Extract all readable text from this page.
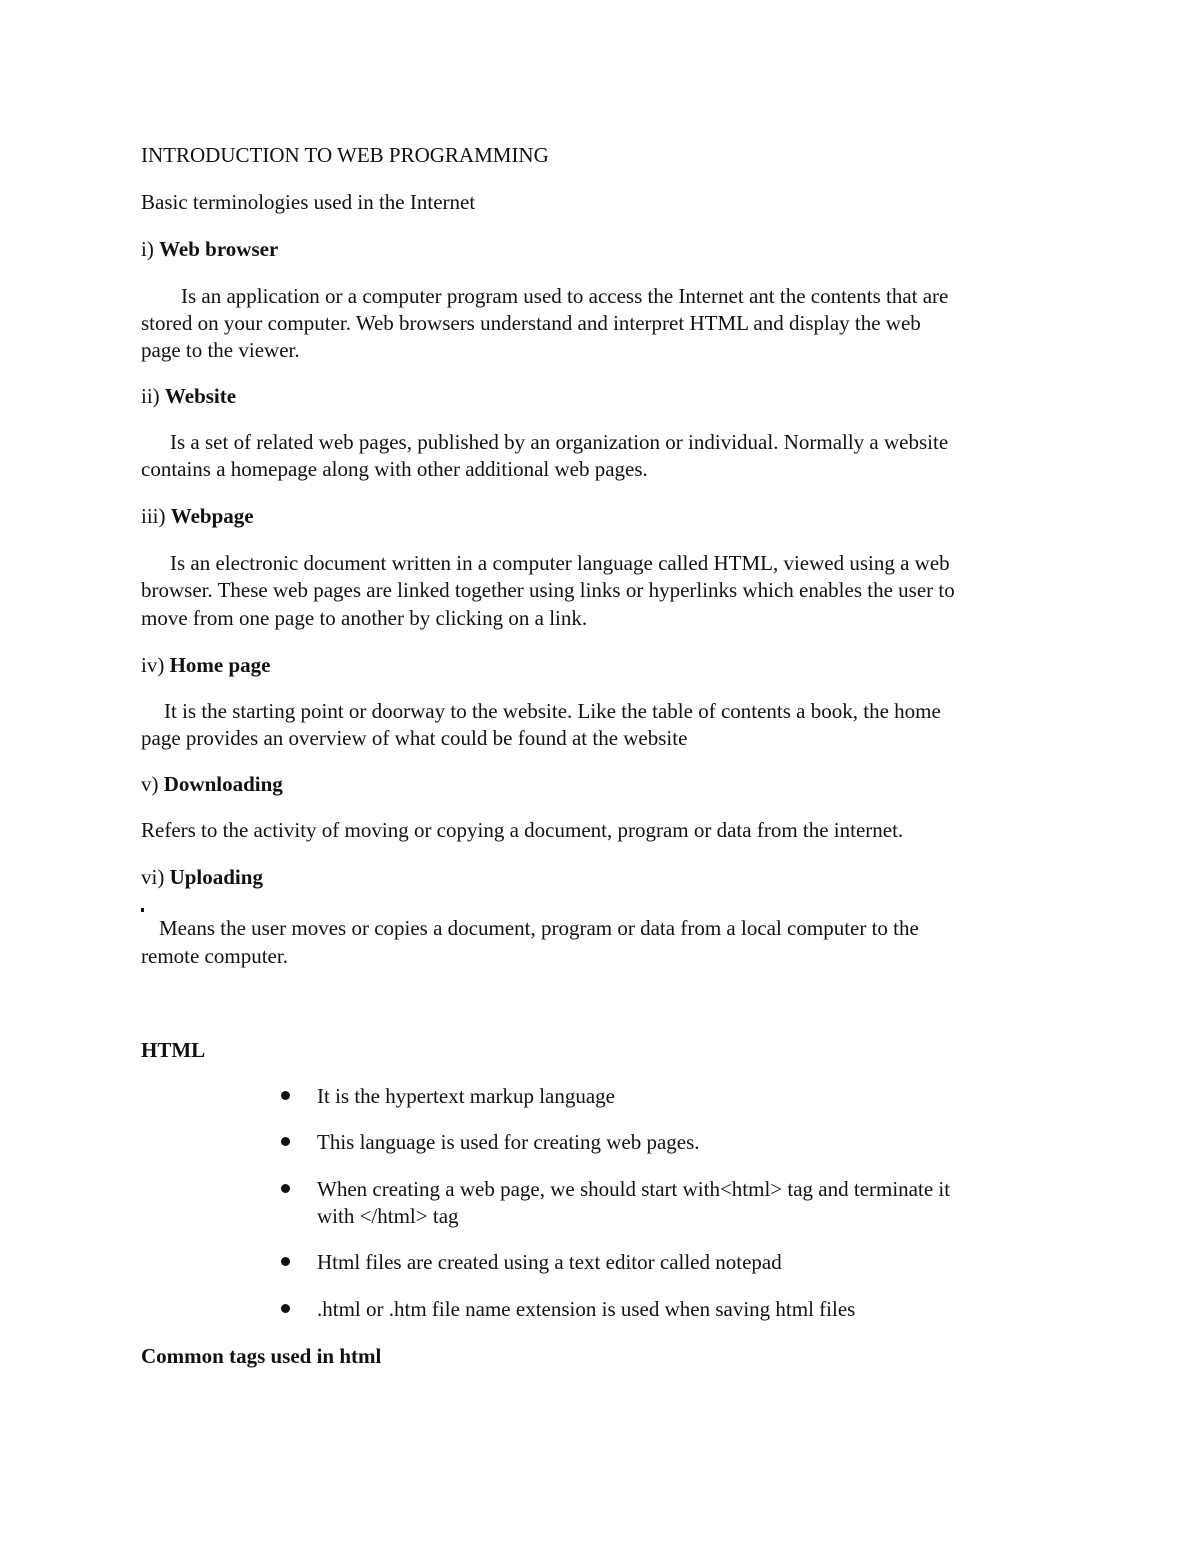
INTRODUCTION TO WEB PROGRAMMING
Basic terminologies used in the Internet
i) Web browser
Is an application or a computer program used to access the Internet ant the contents that are
stored on your computer. Web browsers understand and interpret HTML and display the web
page to the viewer.
ii) Website
Is a set of related web pages, published by an organization or individual. Normally a website
contains a homepage along with other additional web pages.
iii) Webpage
Is an electronic document written in a computer language called HTML, viewed using a web
browser. These web pages are linked together using links or hyperlinks which enables the user to
move from one page to another by clicking on a link.
iv) Home page
It is the starting point or doorway to the website. Like the table of contents a book, the home
page provides an overview of what could be found at the website
v) Downloading
Refers to the activity of moving or copying a document, program or data from the internet.
vi) Uploading
Means the user moves or copies a document, program or data from a local computer to the
remote computer.
HTML
It is the hypertext markup language
This language is used for creating web pages.
When creating a web page, we should start with<html> tag and terminate it
with </html> tag
Html files are created using a text editor called notepad
.html or .htm file name extension is used when saving html files
Common tags used in html
